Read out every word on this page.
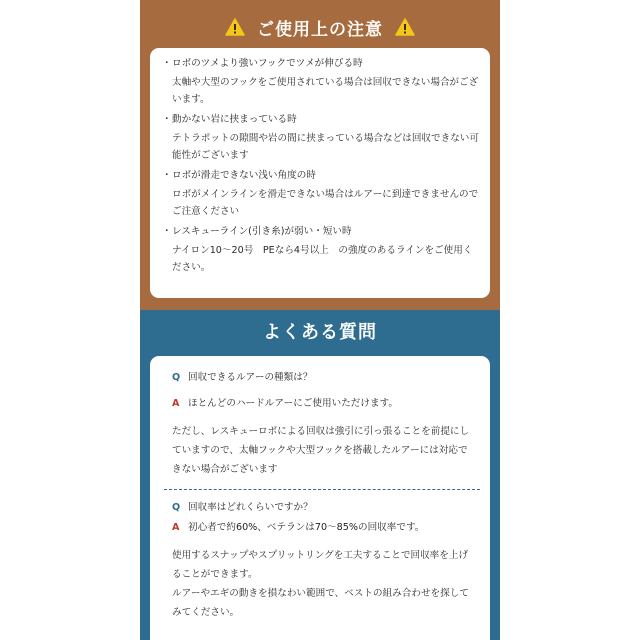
ご使用上の注意
・ ロボのツメより強いフックでツメが伸びる時
太軸や大型のフックをご使用されている場合は回収できない場合がございます。
・ 動かない岩に挟まっている時
テトラポットの隙間や岩の間に挟まっている場合などは回収できない可能性がございます
・ ロボが滑走できない浅い角度の時
ロボがメインラインを滑走できない場合はルアーに到達できませんのでご注意ください
・ レスキューライン(引き糸)が弱い・短い時
ナイロン10〜20号　PEなら4号以上　の強度のあるラインをご使用ください。
よくある質問
Q 回収できるルアーの種類は？
A ほとんどのハードルアーにご使用いただけます。
ただし、レスキューロボによる回収は強引に引っ張ることを前提にしていますので、太軸フックや大型フックを搭載したルアーには対応できない場合がございます
Q 回収率はどれくらいですか？
A 初心者で約60%、ベテランは70〜85%の回収率です。
使用するスナップやスプリットリングを工夫することで回収率を上げることができます。
ルアーやエギの動きを損なわい範囲で、ベストの組み合わせを探してみてください。
